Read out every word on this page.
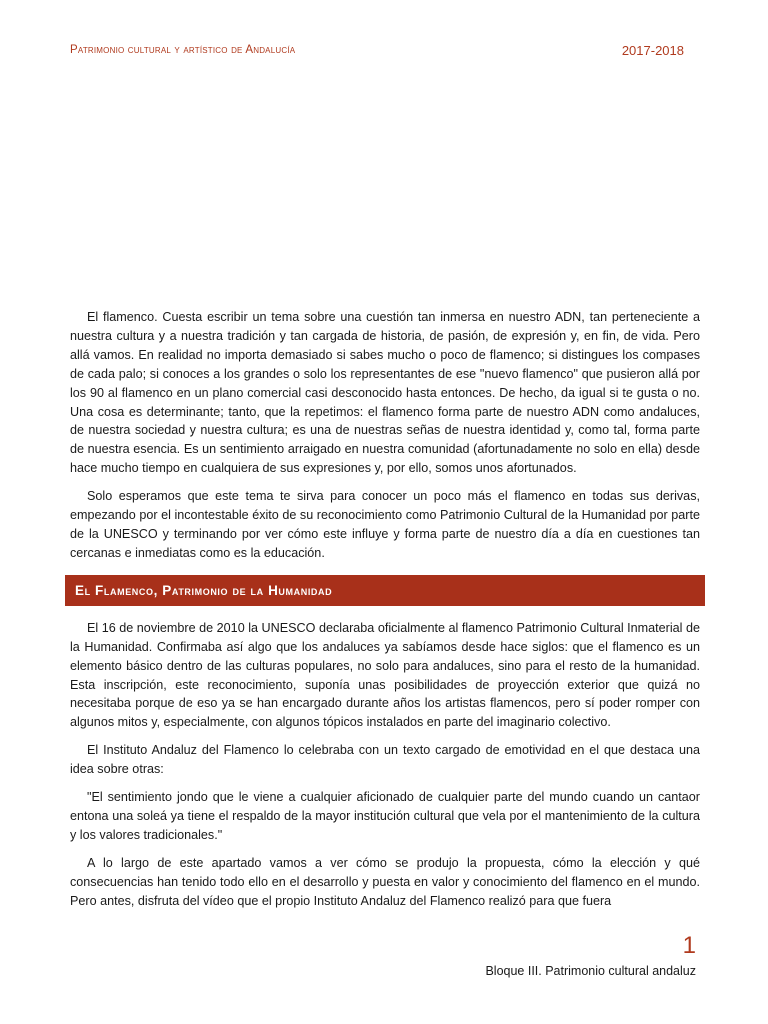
Patrimonio cultural y artístico de Andalucía	2017-2018

El flamenco. Cuesta escribir un tema sobre una cuestión tan inmersa en nuestro ADN, tan perteneciente a nuestra cultura y a nuestra tradición y tan cargada de historia, de pasión, de expresión y, en fin, de vida. Pero allá vamos. En realidad no importa demasiado si sabes mucho o poco de flamenco; si distingues los compases de cada palo; si conoces a los grandes o solo los representantes de ese "nuevo flamenco" que pusieron allá por los 90 al flamenco en un plano comercial casi desconocido hasta entonces. De hecho, da igual si te gusta o no. Una cosa es determinante; tanto, que la repetimos: el flamenco forma parte de nuestro ADN como andaluces, de nuestra sociedad y nuestra cultura; es una de nuestras señas de nuestra identidad y, como tal, forma parte de nuestra esencia. Es un sentimiento arraigado en nuestra comunidad (afortunadamente no solo en ella) desde hace mucho tiempo en cualquiera de sus expresiones y, por ello, somos unos afortunados.

Solo esperamos que este tema te sirva para conocer un poco más el flamenco en todas sus derivas, empezando por el incontestable éxito de su reconocimiento como Patrimonio Cultural de la Humanidad por parte de la UNESCO y terminando por ver cómo este influye y forma parte de nuestro día a día en cuestiones tan cercanas e inmediatas como es la educación.

El Flamenco, Patrimonio de la Humanidad

El 16 de noviembre de 2010 la UNESCO declaraba oficialmente al flamenco Patrimonio Cultural Inmaterial de la Humanidad. Confirmaba así algo que los andaluces ya sabíamos desde hace siglos: que el flamenco es un elemento básico dentro de las culturas populares, no solo para andaluces, sino para el resto de la humanidad. Esta inscripción, este reconocimiento, suponía unas posibilidades de proyección exterior que quizá no necesitaba porque de eso ya se han encargado durante años los artistas flamencos, pero sí poder romper con algunos mitos y, especialmente, con algunos tópicos instalados en parte del imaginario colectivo.

El Instituto Andaluz del Flamenco lo celebraba con un texto cargado de emotividad en el que destaca una idea sobre otras:

"El sentimiento jondo que le viene a cualquier aficionado de cualquier parte del mundo cuando un cantaor entona una soleá ya tiene el respaldo de la mayor institución cultural que vela por el mantenimiento de la cultura y los valores tradicionales."

A lo largo de este apartado vamos a ver cómo se produjo la propuesta, cómo la elección y qué consecuencias han tenido todo ello en el desarrollo y puesta en valor y conocimiento del flamenco en el mundo. Pero antes, disfruta del vídeo que el propio Instituto Andaluz del Flamenco realizó para que fuera

1
Bloque III. Patrimonio cultural andaluz
